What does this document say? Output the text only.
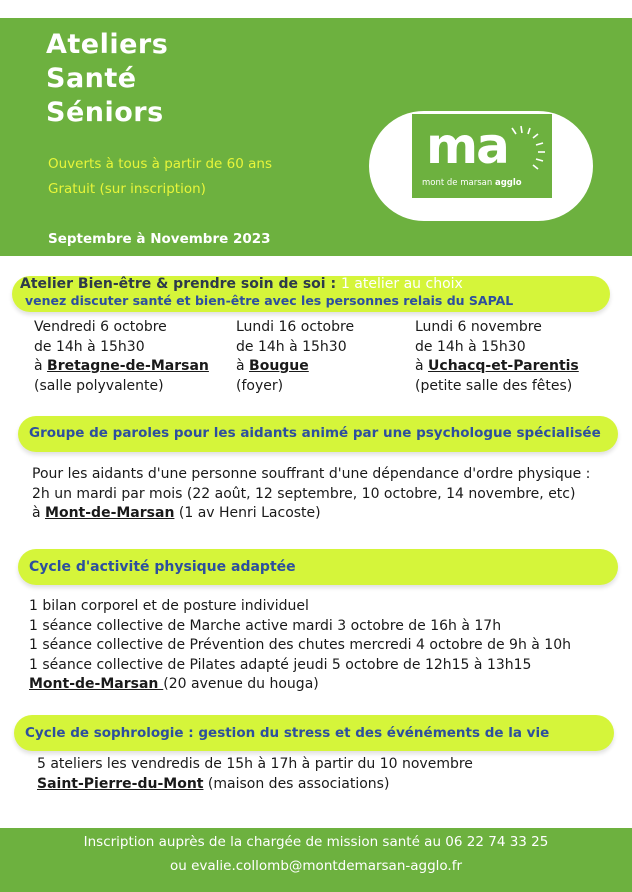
Ateliers
Santé
Séniors
Ouverts à tous à partir de 60 ans
Gratuit (sur inscription)
Septembre à Novembre 2023
ma
mont de marsan agglo
Atelier Bien-être & prendre soin de soi : 1 atelier au choix
venez discuter santé et bien-être avec les personnes relais du SAPAL
Vendredi 6 octobre
de 14h à 15h30
à Bretagne-de-Marsan
(salle polyvalente)
Lundi 16 octobre
de 14h à 15h30
à Bougue
(foyer)
Lundi 6 novembre
de 14h à 15h30
à Uchacq-et-Parentis
(petite salle des fêtes)
Groupe de paroles pour les aidants animé par une psychologue spécialisée
Pour les aidants d'une personne souffrant d'une dépendance d'ordre physique :
2h un mardi par mois (22 août, 12 septembre, 10 octobre, 14 novembre, etc)
à Mont-de-Marsan (1 av Henri Lacoste)
Cycle d'activité physique adaptée
1 bilan corporel et de posture individuel
1 séance collective de Marche active mardi 3 octobre de 16h à 17h
1 séance collective de Prévention des chutes mercredi 4 octobre de 9h à 10h
1 séance collective de Pilates adapté jeudi 5 octobre de 12h15 à 13h15
Mont-de-Marsan (20 avenue du houga)
Cycle de sophrologie : gestion du stress et des événéments de la vie
5 ateliers les vendredis de 15h à 17h à partir du 10 novembre
Saint-Pierre-du-Mont (maison des associations)
Inscription auprès de la chargée de mission santé au 06 22 74 33 25
ou evalie.collomb@montdemarsan-agglo.fr
